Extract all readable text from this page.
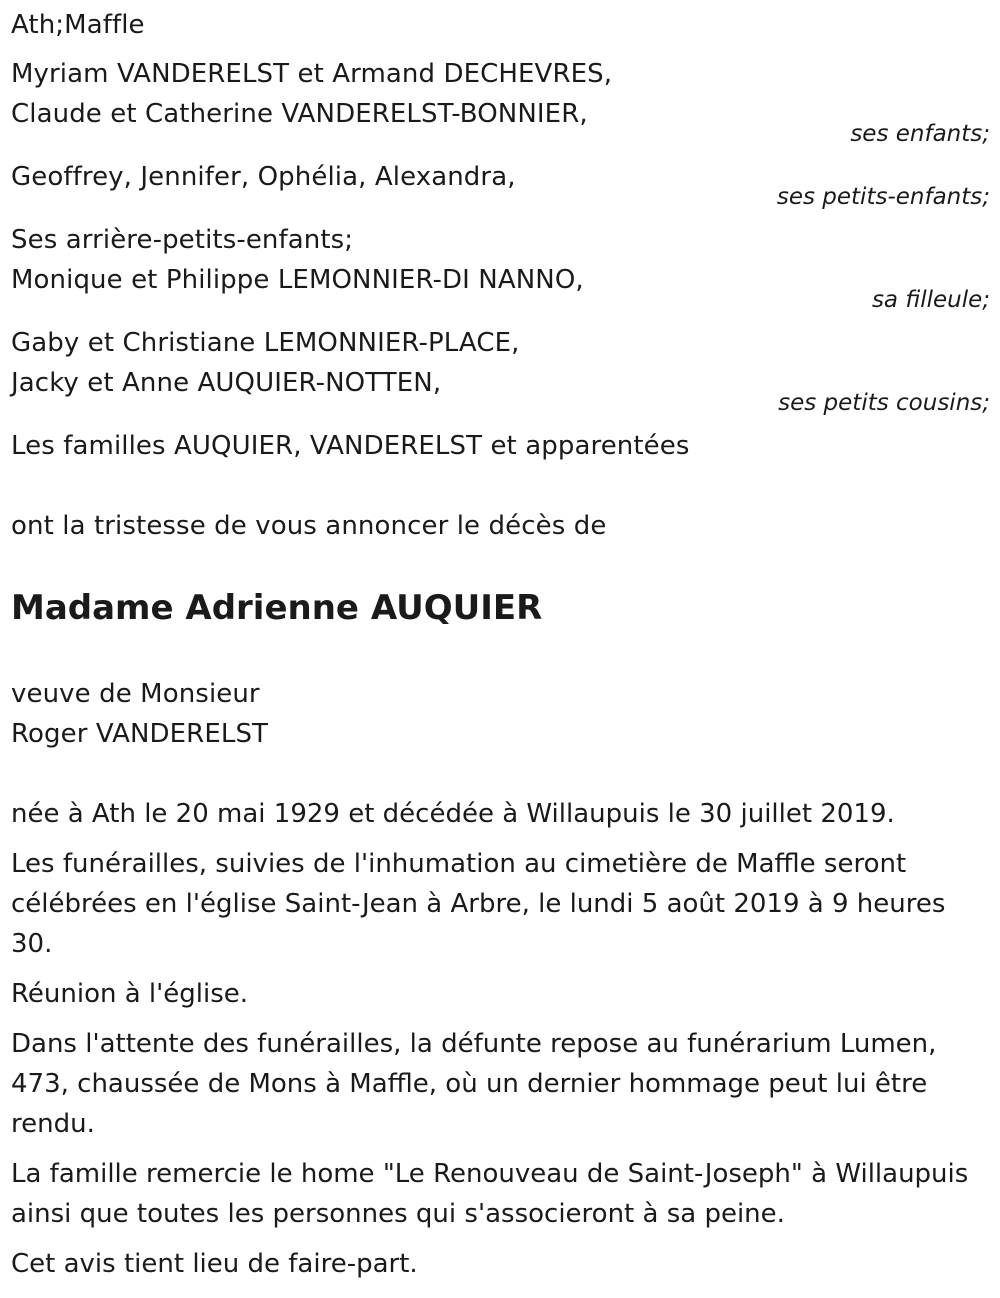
Ath;Maffle
Myriam VANDERELST et Armand DECHEVRES,
Claude et Catherine VANDERELST-BONNIER,
ses enfants;
Geoffrey, Jennifer, Ophélia, Alexandra,
ses petits-enfants;
Ses arrière-petits-enfants;
Monique et Philippe LEMONNIER-DI NANNO,
sa filleule;
Gaby et Christiane LEMONNIER-PLACE,
Jacky et Anne AUQUIER-NOTTEN,
ses petits cousins;
Les familles AUQUIER, VANDERELST et apparentées
ont la tristesse de vous annoncer le décès de
Madame Adrienne AUQUIER
veuve de Monsieur
Roger VANDERELST

née à Ath le 20 mai 1929 et décédée à Willaupuis le 30 juillet 2019.

Les funérailles, suivies de l'inhumation au cimetière de Maffle seront célébrées en l'église Saint-Jean à Arbre, le lundi 5 août 2019 à 9 heures 30.

Réunion à l'église.

Dans l'attente des funérailles, la défunte repose au funérarium Lumen, 473, chaussée de Mons à Maffle, où un dernier hommage peut lui être rendu.

La famille remercie le home "Le Renouveau de Saint-Joseph" à Willaupuis ainsi que toutes les personnes qui s'associeront à sa peine.

Cet avis tient lieu de faire-part.
